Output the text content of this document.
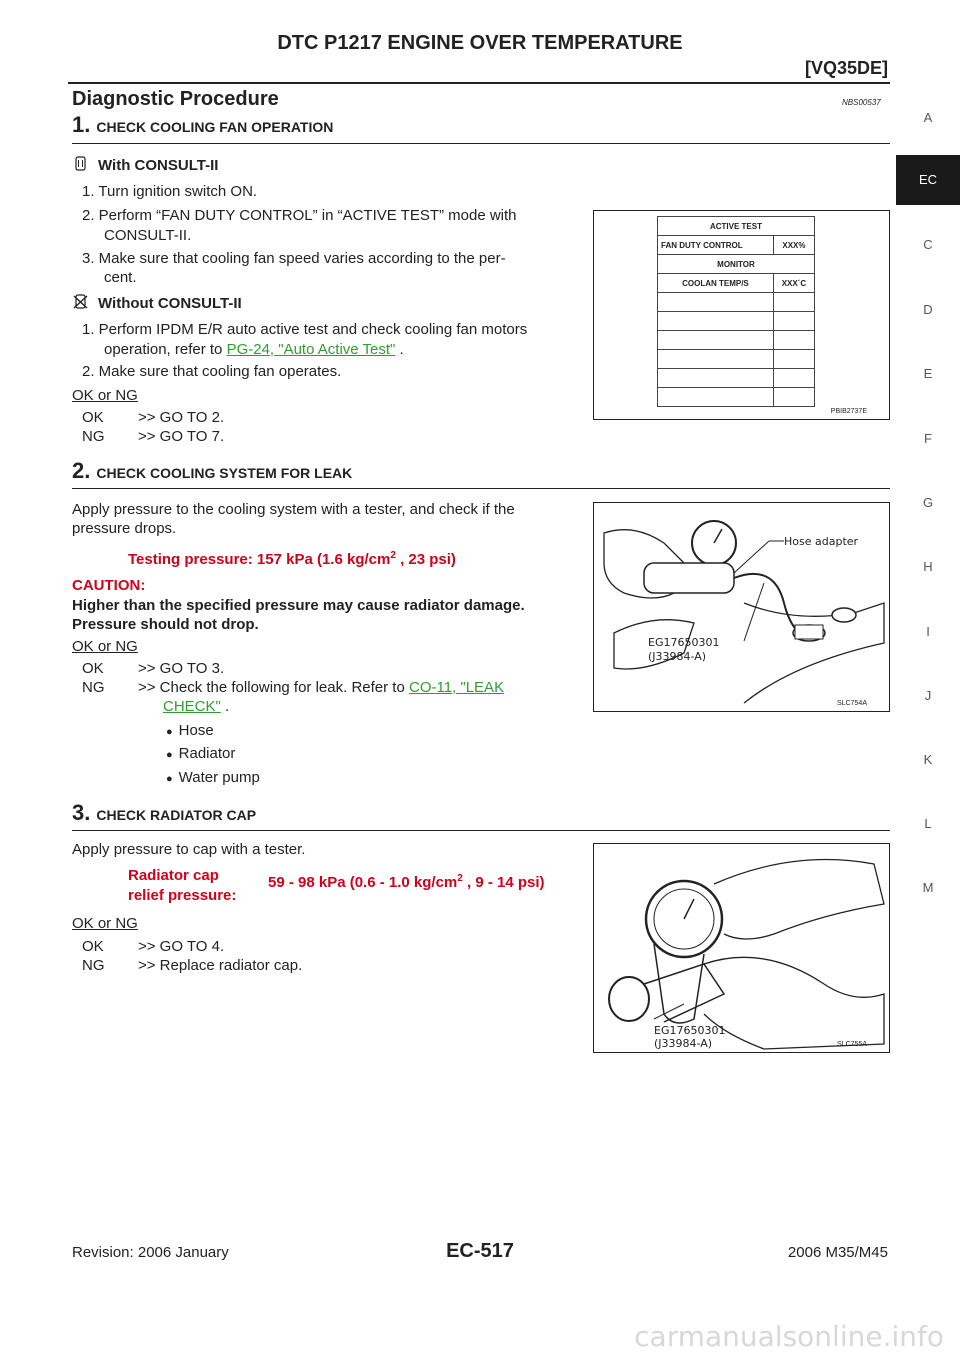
DTC P1217 ENGINE OVER TEMPERATURE
[VQ35DE]
Diagnostic Procedure	NBS00537
A
EC
C
D
E
F
G
H
I
J
K
L
M
1. CHECK COOLING FAN OPERATION
With CONSULT-II
1. Turn ignition switch ON.
2. Perform “FAN DUTY CONTROL” in “ACTIVE TEST” mode with
CONSULT-II.
3. Make sure that cooling fan speed varies according to the per-
cent.
Without CONSULT-II
1. Perform IPDM E/R auto active test and check cooling fan motors
operation, refer to PG-24, "Auto Active Test" .
2. Make sure that cooling fan operates.
OK or NG
OK >> GO TO 2.
NG >> GO TO 7.
ACTIVE TEST	
FAN DUTY CONTROL	XXX%
MONITOR	
COOLAN TEMP/S	XXX´C

PBIB2737E
2. CHECK COOLING SYSTEM FOR LEAK
Apply pressure to the cooling system with a tester, and check if the
pressure drops.
Testing pressure: 157 kPa (1.6 $kg/cm^2$ , 23 psi)
CAUTION:
Higher than the specified pressure may cause radiator damage.
Pressure should not drop.
OK or NG
OK >> GO TO 3.
NG >> Check the following for leak. Refer to CO-11, "LEAK
CHECK" .
● Hose
● Radiator
● Water pump
Hose adapter
EG17650301
(J33984-A)
SLC754A
3. CHECK RADIATOR CAP
Apply pressure to cap with a tester.
Radiator cap
relief pressure:
59 - 98 kPa (0.6 - 1.0 $kg/cm^2$ , 9 - 14 psi)
OK or NG
OK >> GO TO 4.
NG >> Replace radiator cap.
EG17650301
(J33984-A)	SLC755A
Revision: 2006 January	EC-517	2006 M35/M45
carmanualsonline.info
